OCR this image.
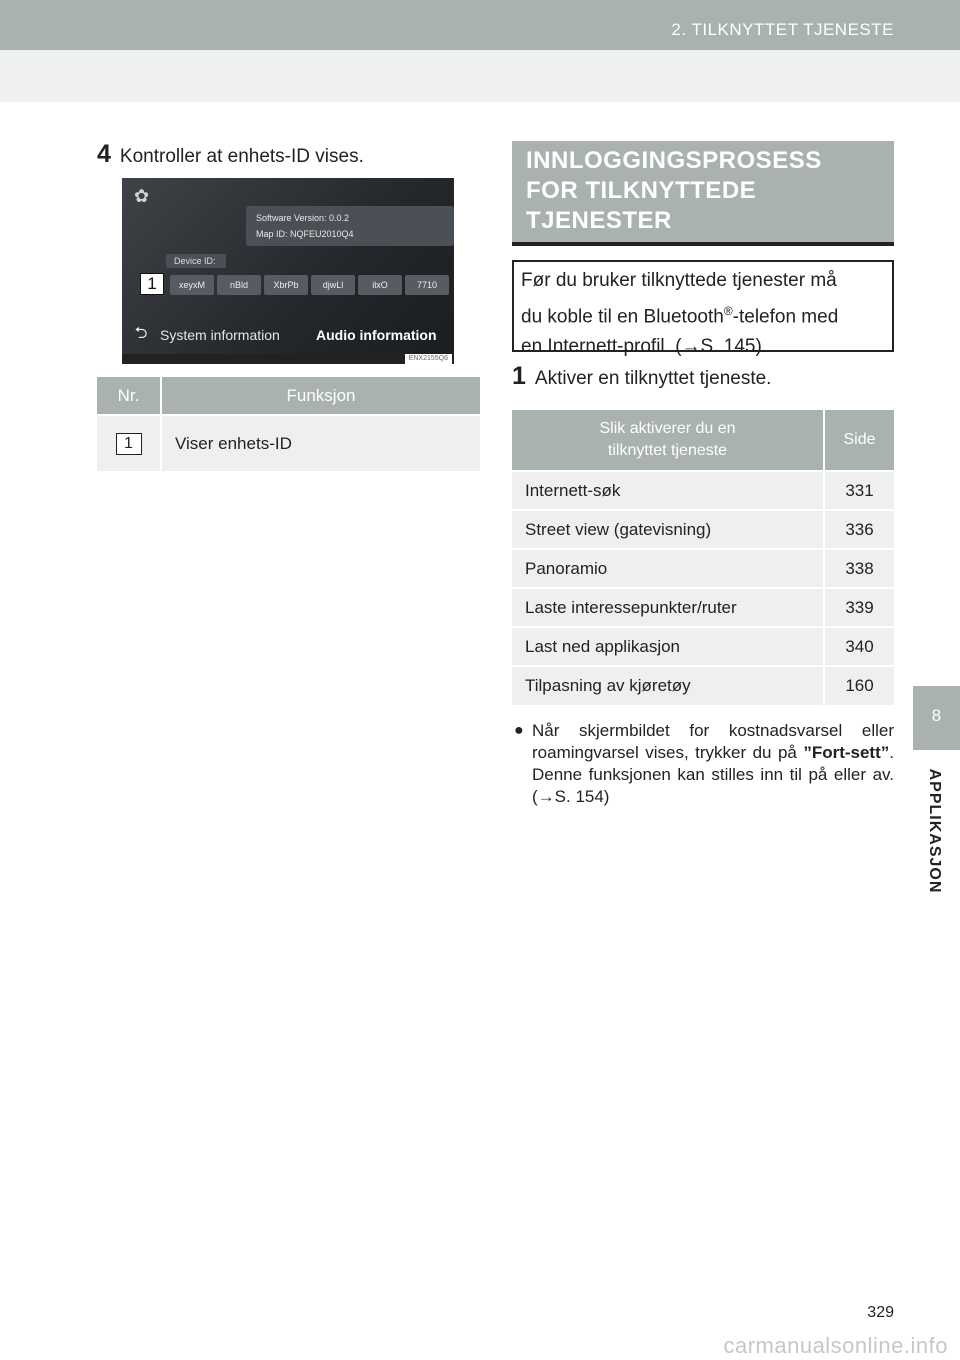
2. TILKNYTTET TJENESTE
8
APPLIKASJON
4 Kontroller at enhets-ID vises.
✿
Software Version: 0.0.2
Map ID: NQFEU2010Q4
Device ID:
xeyxM	nBld	XbrPb	djwLl	ilxO	7710
1
⮌ System information	Audio information
ENX2155Q6
Nr.	Funksjon
1	Viser enhets-ID
INNLOGGINGSPROSESS
FOR TILKNYTTEDE
TJENESTER
Før du bruker tilknyttede tjenester må
du koble til en Bluetooth®-telefon med
en Internett-profil. (→S. 145)
1 Aktiver en tilknyttet tjeneste.
Slik aktiverer du en
tilknyttet tjeneste	Side
Internett-søk	331
Street view (gatevisning)	336
Panoramio	338
Laste interessepunkter/ruter	339
Last ned applikasjon	340
Tilpasning av kjøretøy	160
● Når skjermbildet for kostnadsvarsel eller roamingvarsel vises, trykker du på ”Fort-sett”. Denne funksjonen kan stilles inn til på eller av. (→S. 154)
329
carmanualsonline.info
